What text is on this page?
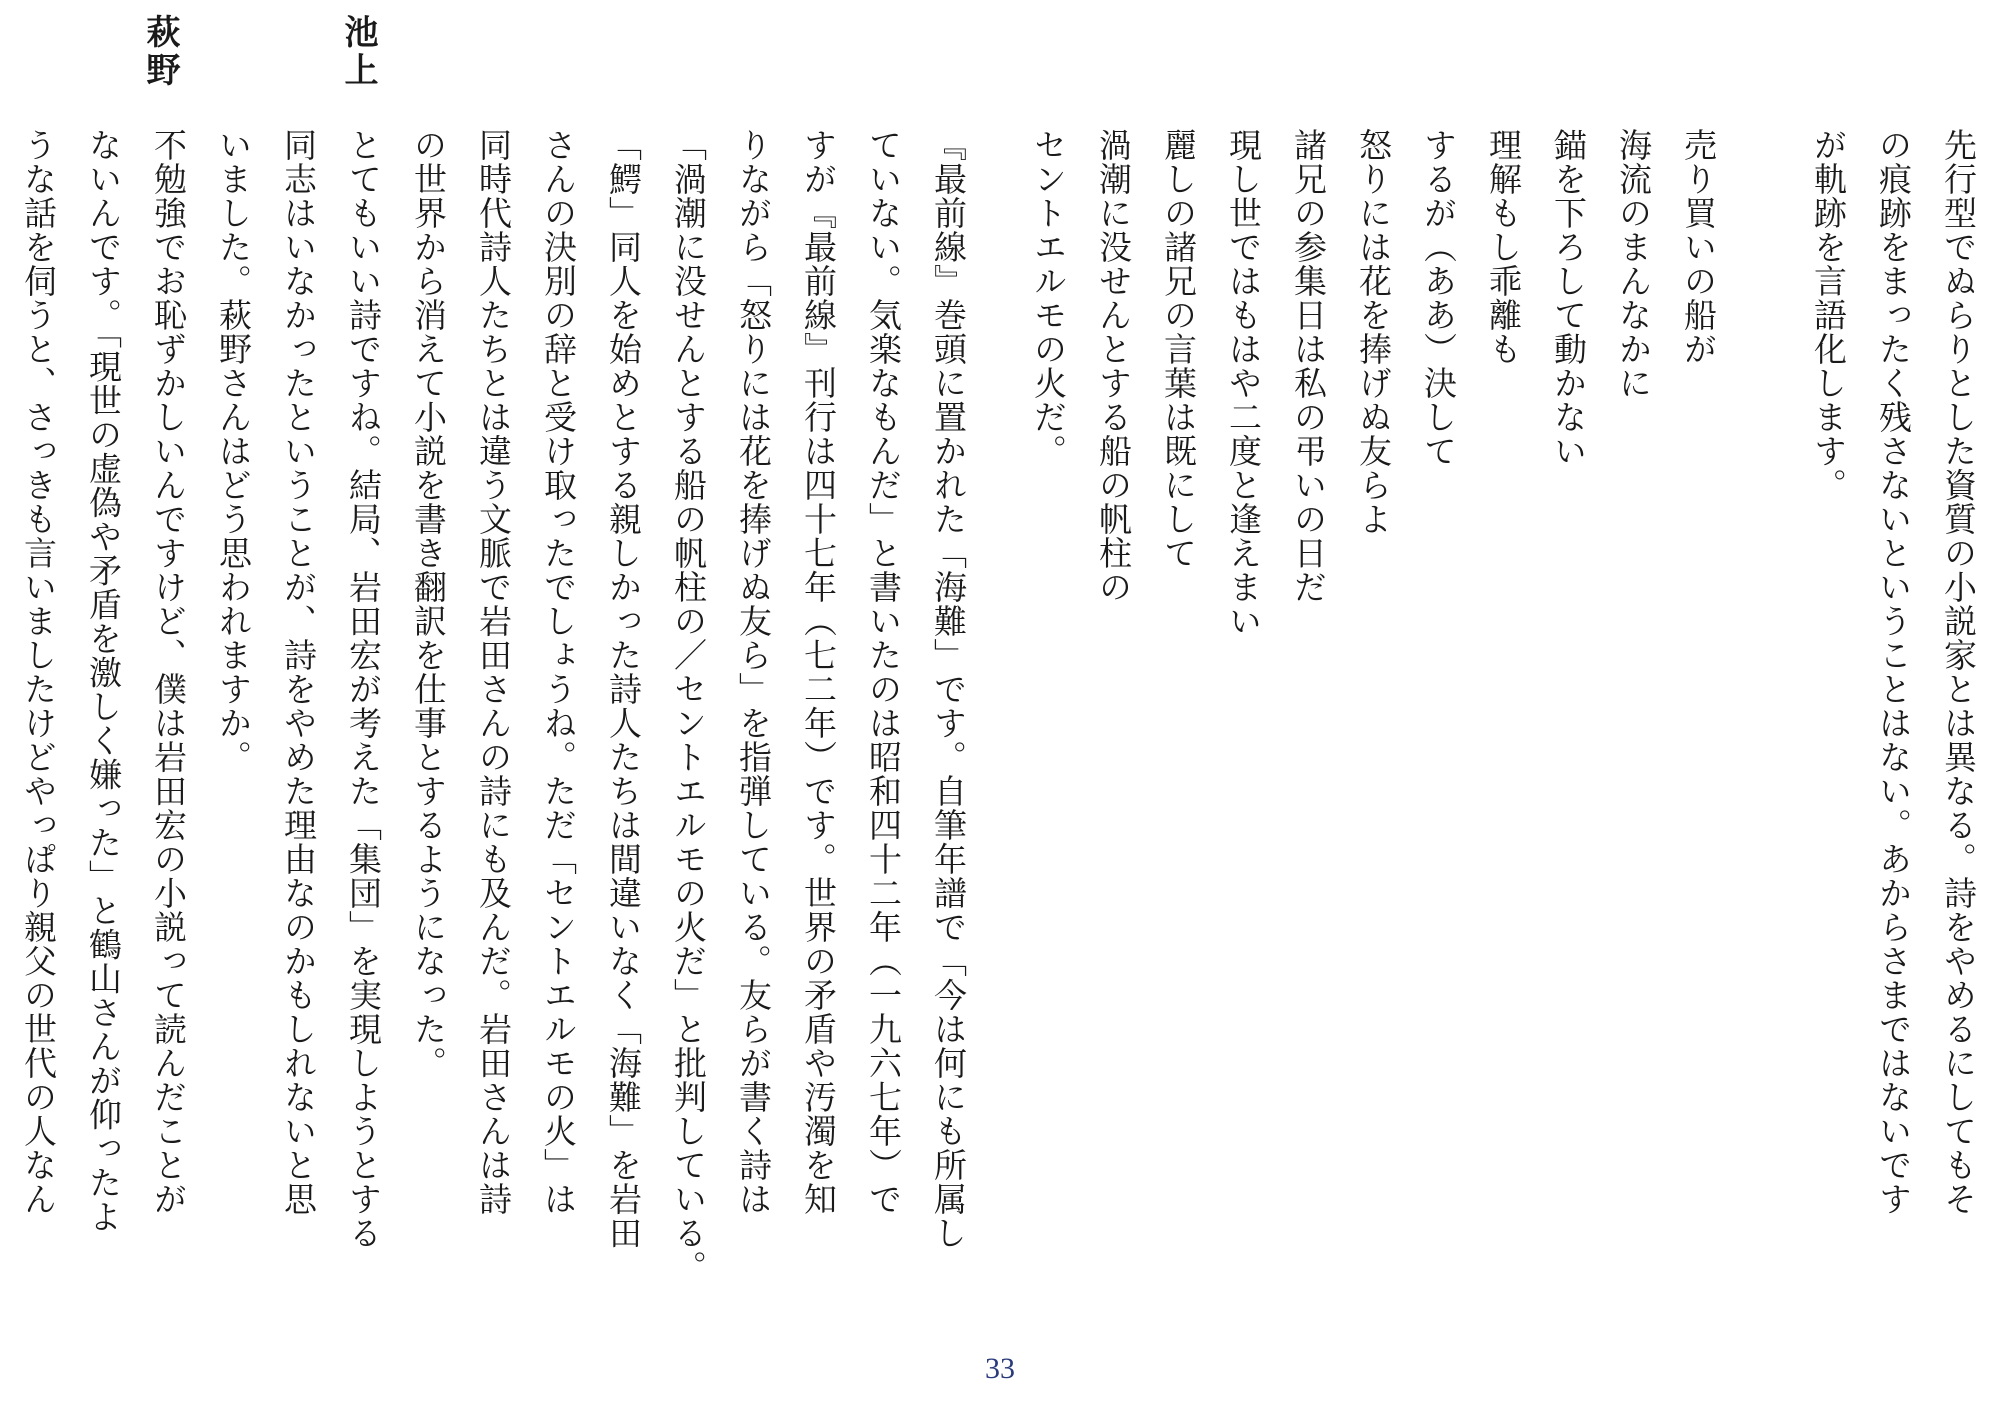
池上
萩野
先行型でぬらりとした資質の小説家とは異なる。詩をやめるにしてもそ
の痕跡をまったく残さないということはない。あからさまではないです
が軌跡を言語化します。
売り買いの船が
海流のまんなかに
錨を下ろして動かない
理解もし乖離も
するが（ああ）決して
怒りには花を捧げぬ友らよ
諸兄の参集日は私の弔いの日だ
現し世ではもはや二度と逢えまい
麗しの諸兄の言葉は既にして
渦潮に没せんとする船の帆柱の
セントエルモの火だ。
『最前線』巻頭に置かれた「海難」です。自筆年譜で「今は何にも所属し
ていない。気楽なもんだ」と書いたのは昭和四十二年（一九六七年）で
すが『最前線』刊行は四十七年（七二年）です。世界の矛盾や汚濁を知
りながら「怒りには花を捧げぬ友ら」を指弾している。友らが書く詩は
「渦潮に没せんとする船の帆柱の／セントエルモの火だ」と批判している。
「鰐」同人を始めとする親しかった詩人たちは間違いなく「海難」を岩田
さんの決別の辞と受け取ったでしょうね。ただ「セントエルモの火」は
同時代詩人たちとは違う文脈で岩田さんの詩にも及んだ。岩田さんは詩
の世界から消えて小説を書き翻訳を仕事とするようになった。
とてもいい詩ですね。結局、岩田宏が考えた「集団」を実現しようとする
同志はいなかったということが、詩をやめた理由なのかもしれないと思
いました。萩野さんはどう思われますか。
不勉強でお恥ずかしいんですけど、僕は岩田宏の小説って読んだことが
ないんです。「現世の虚偽や矛盾を激しく嫌った」と鶴山さんが仰ったよ
うな話を伺うと、さっきも言いましたけどやっぱり親父の世代の人なん
33
